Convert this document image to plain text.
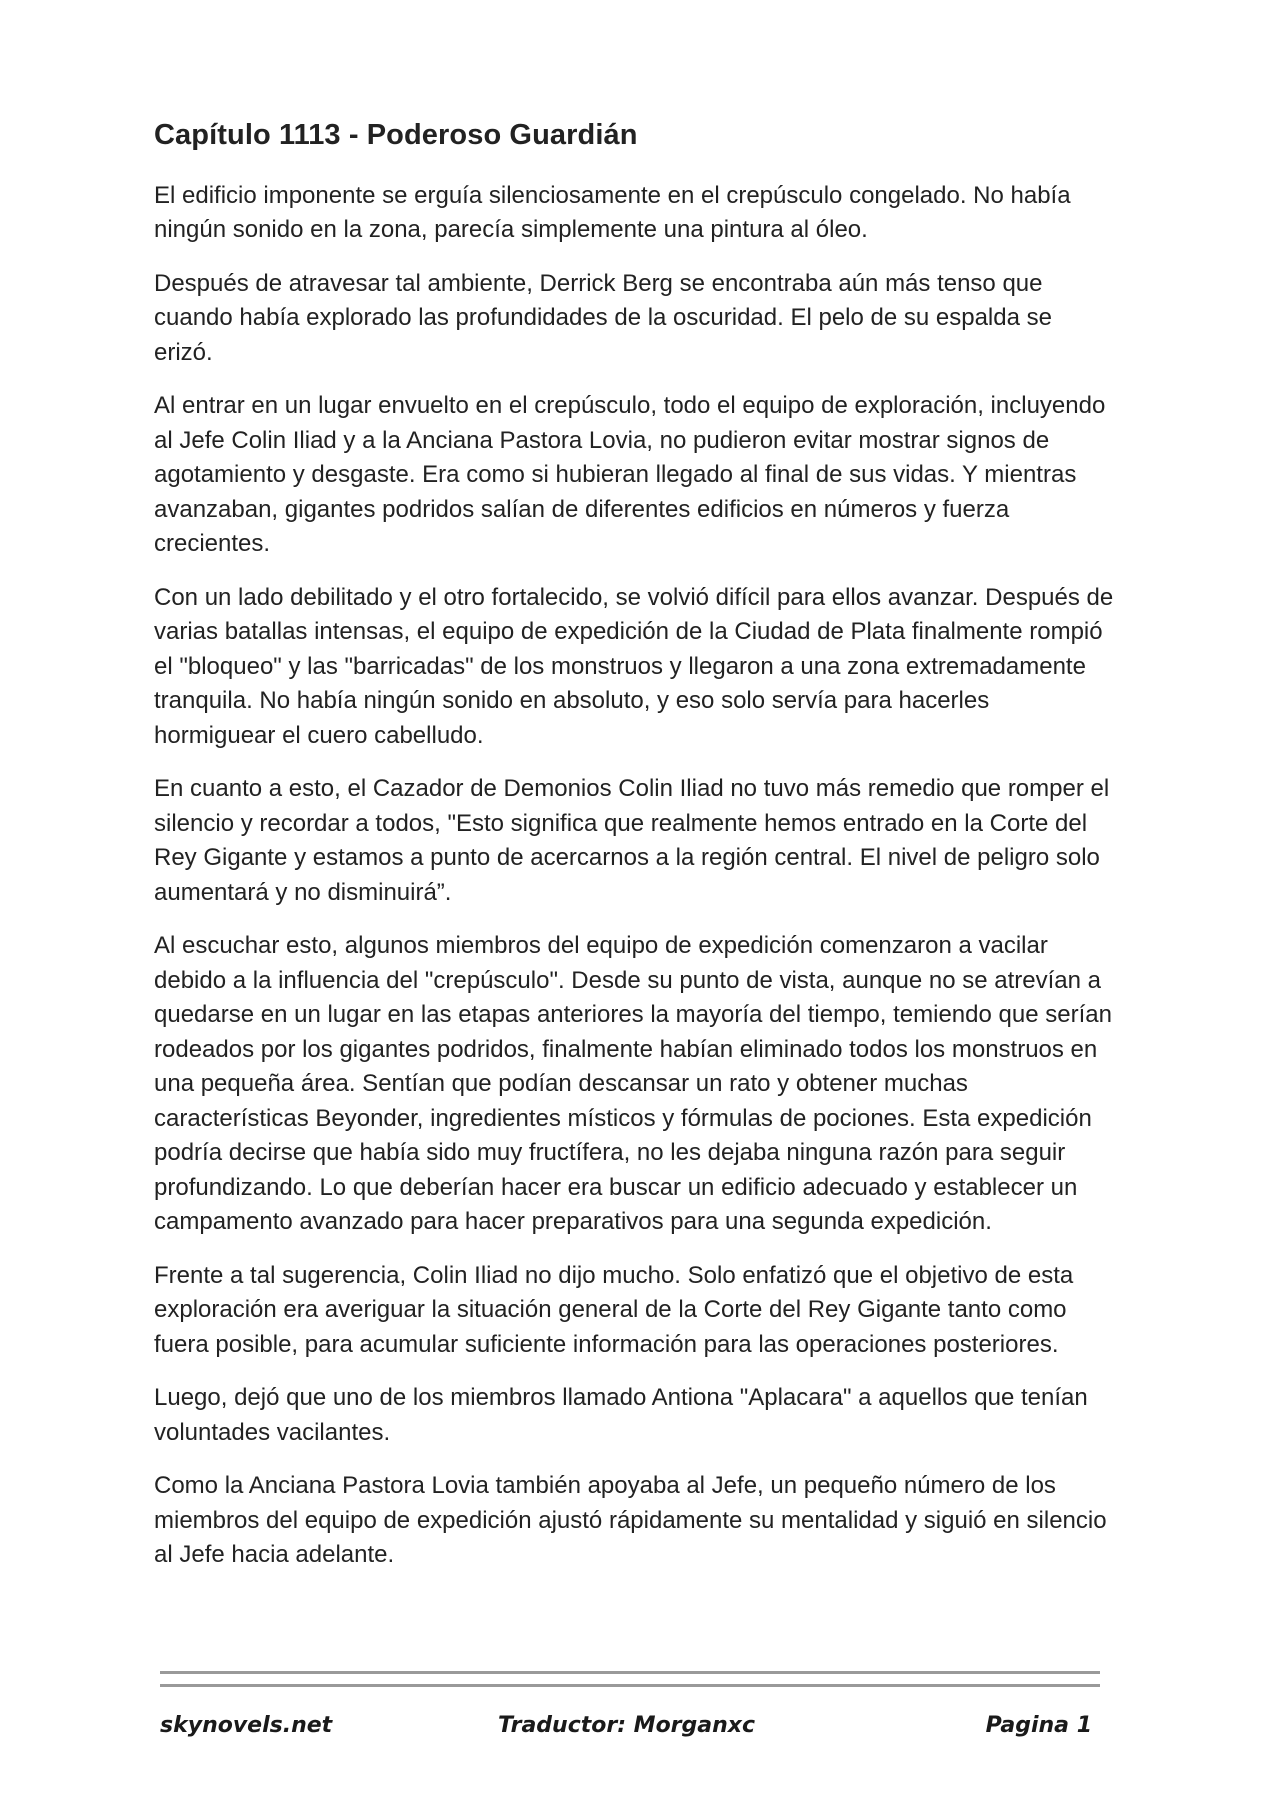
Capítulo 1113 - Poderoso Guardián

El edificio imponente se erguía silenciosamente en el crepúsculo congelado. No había ningún sonido en la zona, parecía simplemente una pintura al óleo.

Después de atravesar tal ambiente, Derrick Berg se encontraba aún más tenso que cuando había explorado las profundidades de la oscuridad. El pelo de su espalda se erizó.

Al entrar en un lugar envuelto en el crepúsculo, todo el equipo de exploración, incluyendo al Jefe Colin Iliad y a la Anciana Pastora Lovia, no pudieron evitar mostrar signos de agotamiento y desgaste. Era como si hubieran llegado al final de sus vidas. Y mientras avanzaban, gigantes podridos salían de diferentes edificios en números y fuerza crecientes.

Con un lado debilitado y el otro fortalecido, se volvió difícil para ellos avanzar. Después de varias batallas intensas, el equipo de expedición de la Ciudad de Plata finalmente rompió el "bloqueo" y las "barricadas" de los monstruos y llegaron a una zona extremadamente tranquila. No había ningún sonido en absoluto, y eso solo servía para hacerles hormiguear el cuero cabelludo.

En cuanto a esto, el Cazador de Demonios Colin Iliad no tuvo más remedio que romper el silencio y recordar a todos, "Esto significa que realmente hemos entrado en la Corte del Rey Gigante y estamos a punto de acercarnos a la región central. El nivel de peligro solo aumentará y no disminuirá”.

Al escuchar esto, algunos miembros del equipo de expedición comenzaron a vacilar debido a la influencia del "crepúsculo". Desde su punto de vista, aunque no se atrevían a quedarse en un lugar en las etapas anteriores la mayoría del tiempo, temiendo que serían rodeados por los gigantes podridos, finalmente habían eliminado todos los monstruos en una pequeña área. Sentían que podían descansar un rato y obtener muchas características Beyonder, ingredientes místicos y fórmulas de pociones. Esta expedición podría decirse que había sido muy fructífera, no les dejaba ninguna razón para seguir profundizando. Lo que deberían hacer era buscar un edificio adecuado y establecer un campamento avanzado para hacer preparativos para una segunda expedición.

Frente a tal sugerencia, Colin Iliad no dijo mucho. Solo enfatizó que el objetivo de esta exploración era averiguar la situación general de la Corte del Rey Gigante tanto como fuera posible, para acumular suficiente información para las operaciones posteriores.

Luego, dejó que uno de los miembros llamado Antiona "Aplacara" a aquellos que tenían voluntades vacilantes.

Como la Anciana Pastora Lovia también apoyaba al Jefe, un pequeño número de los miembros del equipo de expedición ajustó rápidamente su mentalidad y siguió en silencio al Jefe hacia adelante.

skynovels.net	Traductor: Morganxc	Pagina 1
